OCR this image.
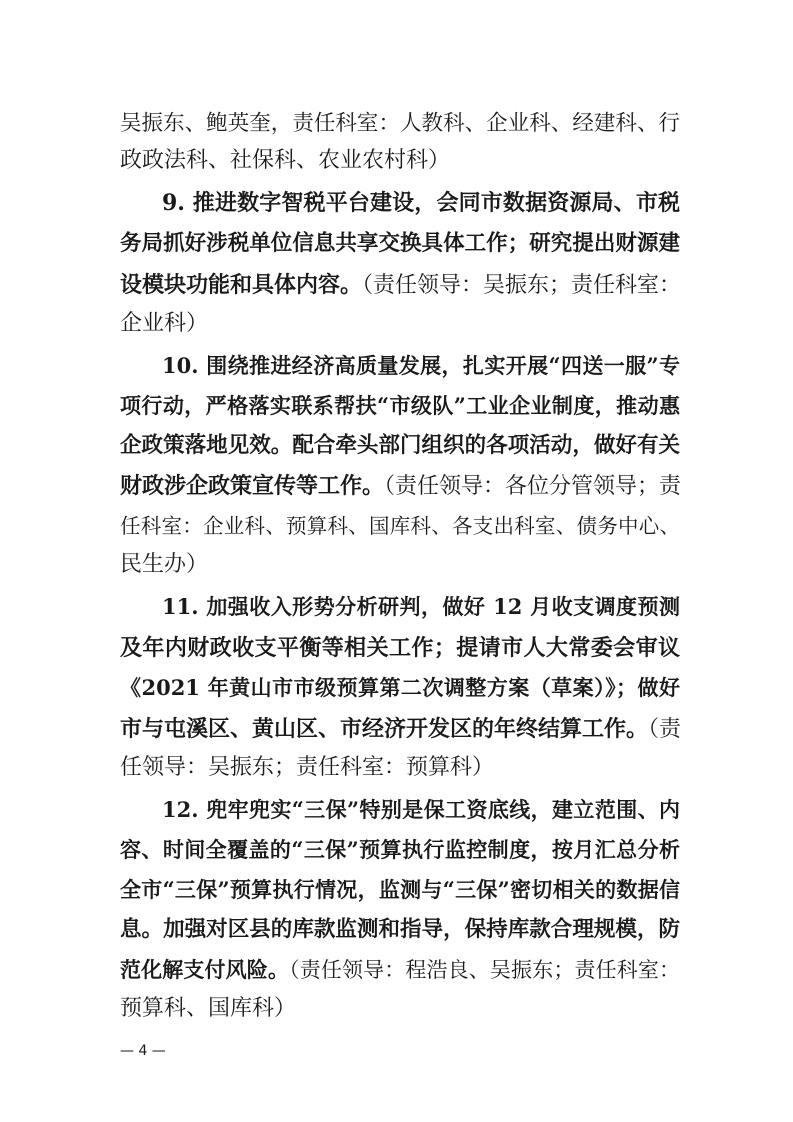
吴振东、鲍英奎，责任科室：人教科、企业科、经建科、行
政政法科、社保科、农业农村科）
9. 推进数字智税平台建设，会同市数据资源局、市税
务局抓好涉税单位信息共享交换具体工作；研究提出财源建
设模块功能和具体内容。（责任领导：吴振东；责任科室：
企业科）
10. 围绕推进经济高质量发展，扎实开展“四送一服”专
项行动，严格落实联系帮扶“市级队”工业企业制度，推动惠
企政策落地见效。配合牵头部门组织的各项活动，做好有关
财政涉企政策宣传等工作。（责任领导：各位分管领导；责
任科室：企业科、预算科、国库科、各支出科室、债务中心、
民生办）
11. 加强收入形势分析研判，做好 12 月收支调度预测
及年内财政收支平衡等相关工作；提请市人大常委会审议
《2021 年黄山市市级预算第二次调整方案（草案）》；做好
市与屯溪区、黄山区、市经济开发区的年终结算工作。（责
任领导：吴振东；责任科室：预算科）
12. 兜牢兜实“三保”特别是保工资底线，建立范围、内
容、时间全覆盖的“三保”预算执行监控制度，按月汇总分析
全市“三保”预算执行情况，监测与“三保”密切相关的数据信
息。加强对区县的库款监测和指导，保持库款合理规模，防
范化解支付风险。（责任领导：程浩良、吴振东；责任科室：
预算科、国库科）
— 4 —
